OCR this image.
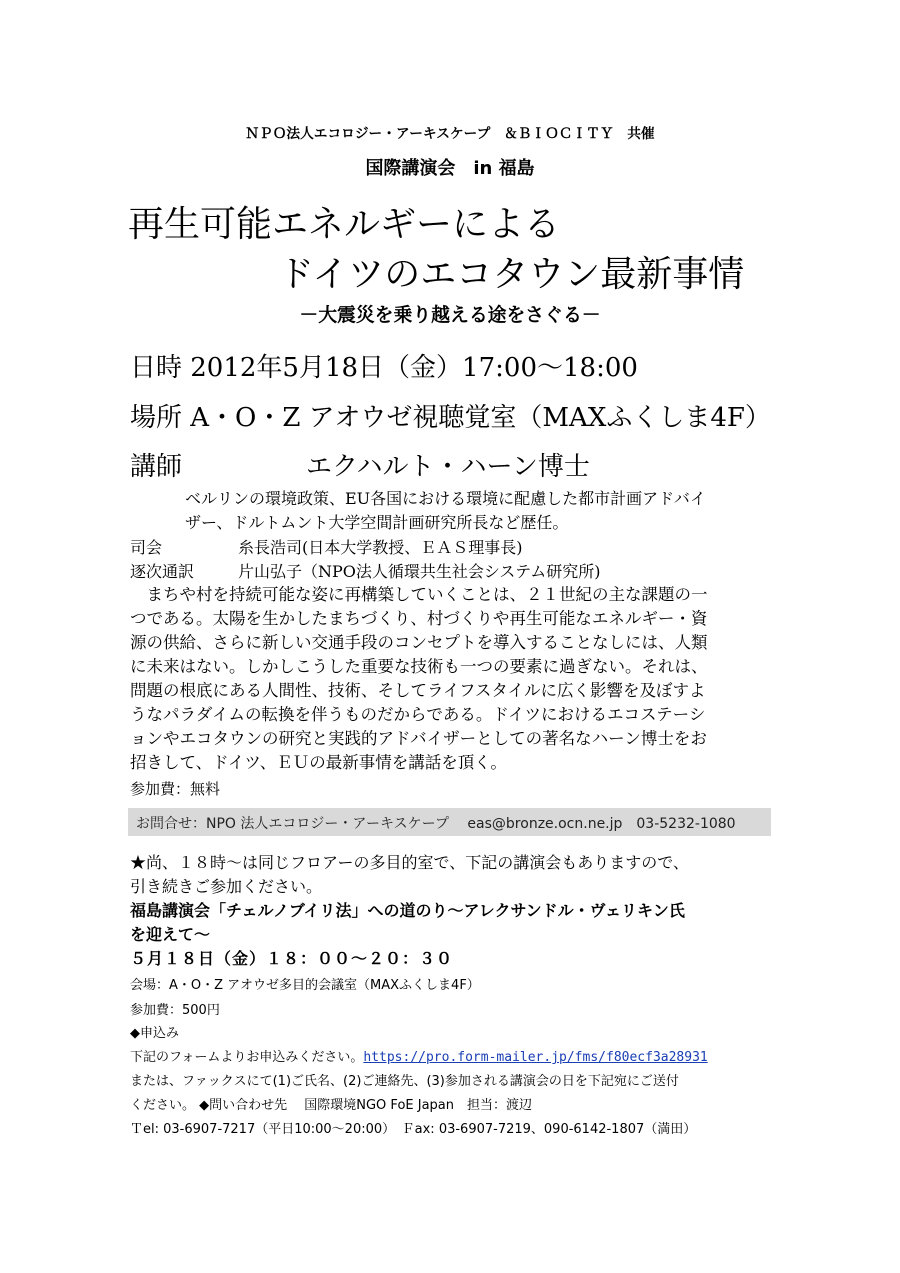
ＮＰＯ法人エコロジー・アーキスケープ　＆ＢＩＯＣＩＴＹ　共催
国際講演会　in 福島
再生可能エネルギーによる
ドイツのエコタウン最新事情
－大震災を乗り越える途をさぐる－
日時 2012年5月18日（金）17:00～18:00
場所 A・O・Z アオウゼ視聴覚室（MAXふくしま4F）
講師	エクハルト・ハーン博士
ベルリンの環境政策、EU各国における環境に配慮した都市計画アドバイ
ザー、ドルトムント大学空間計画研究所長など歴任。
司会	糸長浩司(日本大学教授、ＥＡＳ理事長)
逐次通訳	片山弘子（NPO法人循環共生社会システム研究所)
　まちや村を持続可能な姿に再構築していくことは、２１世紀の主な課題の一
つである。太陽を生かしたまちづくり、村づくりや再生可能なエネルギー・資
源の供給、さらに新しい交通手段のコンセプトを導入することなしには、人類
に未来はない。しかしこうした重要な技術も一つの要素に過ぎない。それは、
問題の根底にある人間性、技術、そしてライフスタイルに広く影響を及ぼすよ
うなパラダイムの転換を伴うものだからである。ドイツにおけるエコステーシ
ョンやエコタウンの研究と実践的アドバイザーとしての著名なハーン博士をお
招きして、ドイツ、ＥＵの最新事情を講話を頂く。
参加費：無料
お問合せ：NPO 法人エコロジー・アーキスケープ　 eas@bronze.ocn.ne.jp　03-5232-1080
★尚、１８時～は同じフロアーの多目的室で、下記の講演会もありますので、
引き続きご参加ください。
福島講演会「チェルノブイリ法」への道のり～アレクサンドル・ヴェリキン氏
を迎えて～
５月１８日（金）１８：００～２０：３０
会場：A・O・Z アオウゼ多目的会議室（MAXふくしま4F）
参加費：500円
◆申込み
下記のフォームよりお申込みください。https://pro.form-mailer.jp/fms/f80ecf3a28931
または、ファックスにて(1)ご氏名、(2)ご連絡先、(3)参加される講演会の日を下記宛にご送付
ください。 ◆問い合わせ先　 国際環境NGO FoE Japan　担当：渡辺
Ｔel: 03-6907-7217（平日10:00～20:00）　Ｆax: 03-6907-7219、090-6142-1807（満田）
